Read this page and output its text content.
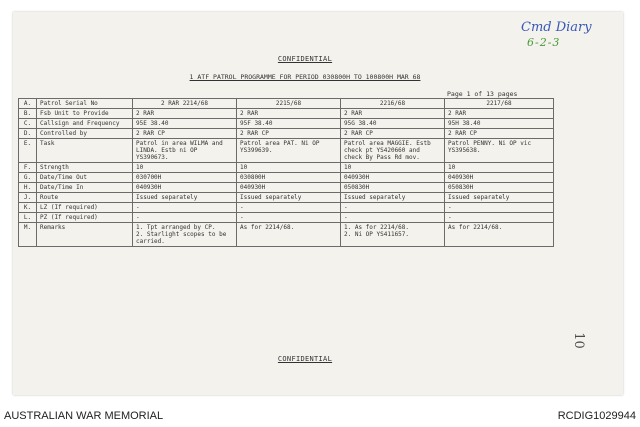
Cmd Diary
6-2-3
CONFIDENTIAL
1 ATF PATROL PROGRAMME FOR PERIOD 030800H TO 100800H MAR 68
Page 1 of 13 pages
A.	Patrol Serial No	2 RAR 2214/68	2215/68	2216/68	2217/68
B.	Fsb Unit to Provide	2 RAR	2 RAR	2 RAR	2 RAR
C.	Callsign and Frequency	95E 38.40	95F 38.40	95G 38.40	95H 38.40
D.	Controlled by	2 RAR CP	2 RAR CP	2 RAR CP	2 RAR CP
E.	Task	Patrol in area WILMA and LINDA. Estb ni OP YS390673.	Patrol area PAT. Ni OP YS399639.	Patrol area MAGGIE. Estb check pt YS420660 and check By Pass Rd mov.	Patrol PENNY. Ni OP vic YS395638.
F.	Strength	10	10	10	10
G.	Date/Time Out	030700H	030800H	040930H	040930H
H.	Date/Time In	040930H	040930H	050830H	050830H
J.	Route	Issued separately	Issued separately	Issued separately	Issued separately
K.	LZ (If required)	-	-	-	-
L.	PZ (If required)	-	-	-	-
M.	Remarks	1. Tpt arranged by CP.
2. Starlight scopes to be carried.	As for 2214/68.	1. As for 2214/68.
2. Ni OP YS411657.	As for 2214/68.
CONFIDENTIAL
10
AUSTRALIAN WAR MEMORIAL	RCDIG1029944
